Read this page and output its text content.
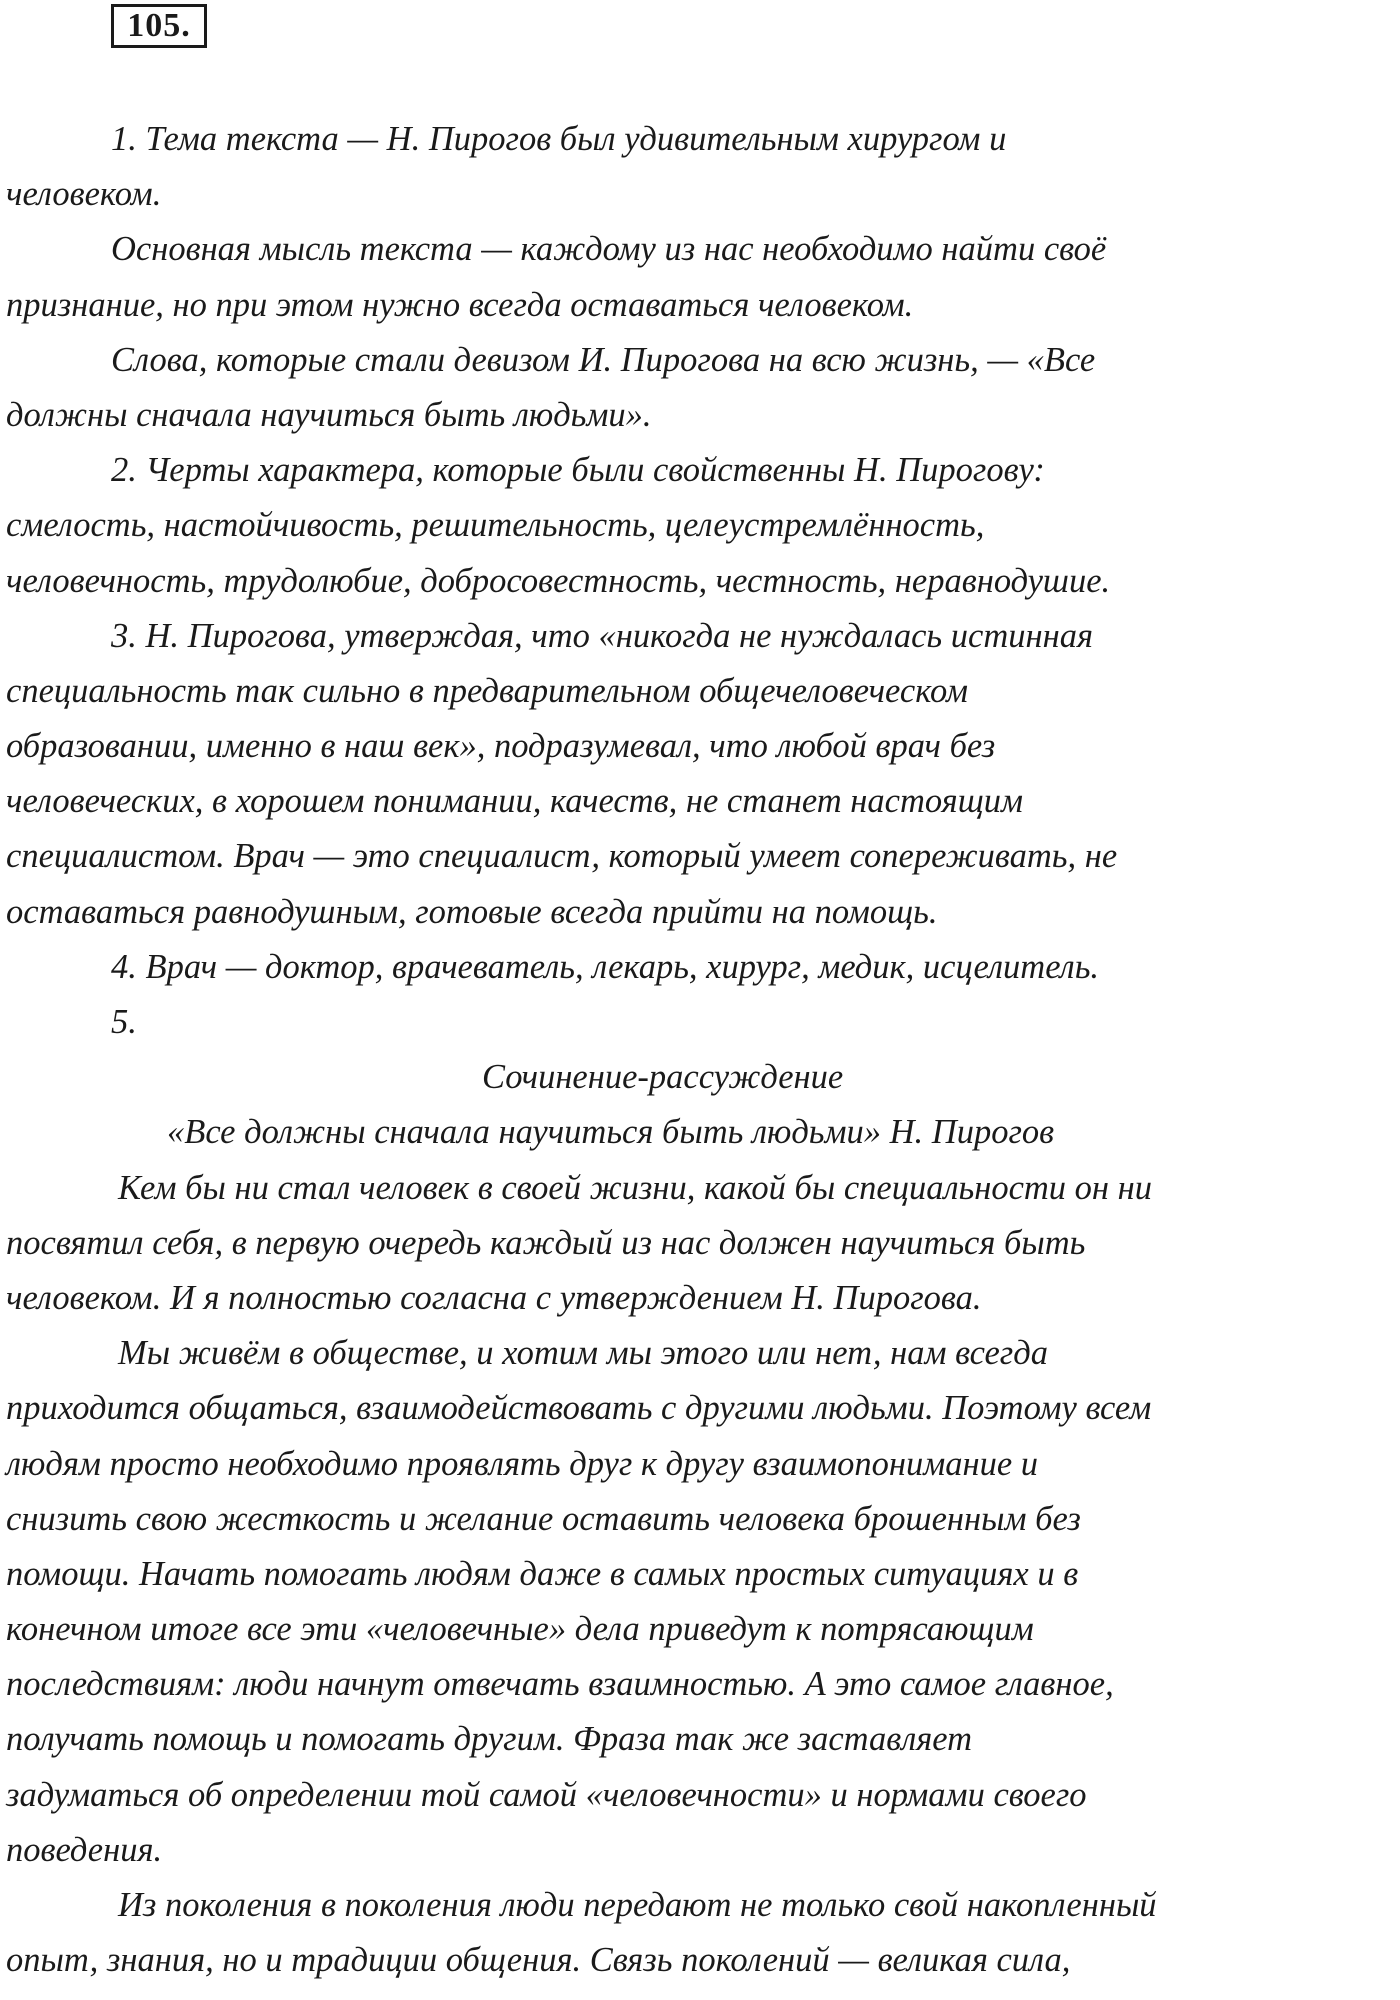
105.
1. Тема текста — Н. Пирогов был удивительным хирургом и
человеком.
Основная мысль текста — каждому из нас необходимо найти своё
признание, но при этом нужно всегда оставаться человеком.
Слова, которые стали девизом И. Пирогова на всю жизнь, — «Все
должны сначала научиться быть людьми».
2. Черты характера, которые были свойственны Н. Пирогову:
смелость, настойчивость, решительность, целеустремлённость,
человечность, трудолюбие, добросовестность, честность, неравнодушие.
3. Н. Пирогова, утверждая, что «никогда не нуждалась истинная
специальность так сильно в предварительном общечеловеческом
образовании, именно в наш век», подразумевал, что любой врач без
человеческих, в хорошем понимании, качеств, не станет настоящим
специалистом. Врач — это специалист, который умеет сопереживать, не
оставаться равнодушным, готовые всегда прийти на помощь.
4. Врач — доктор, врачеватель, лекарь, хирург, медик, исцелитель.
5.
Сочинение-рассуждение
«Все должны сначала научиться быть людьми» Н. Пирогов
Кем бы ни стал человек в своей жизни, какой бы специальности он ни
посвятил себя, в первую очередь каждый из нас должен научиться быть
человеком. И я полностью согласна с утверждением Н. Пирогова.
Мы живём в обществе, и хотим мы этого или нет, нам всегда
приходится общаться, взаимодействовать с другими людьми. Поэтому всем
людям просто необходимо проявлять друг к другу взаимопонимание и
снизить свою жесткость и желание оставить человека брошенным без
помощи. Начать помогать людям даже в самых простых ситуациях и в
конечном итоге все эти «человечные» дела приведут к потрясающим
последствиям: люди начнут отвечать взаимностью. А это самое главное,
получать помощь и помогать другим. Фраза так же заставляет
задуматься об определении той самой «человечности» и нормами своего
поведения.
Из поколения в поколения люди передают не только свой накопленный
опыт, знания, но и традиции общения. Связь поколений — великая сила,
